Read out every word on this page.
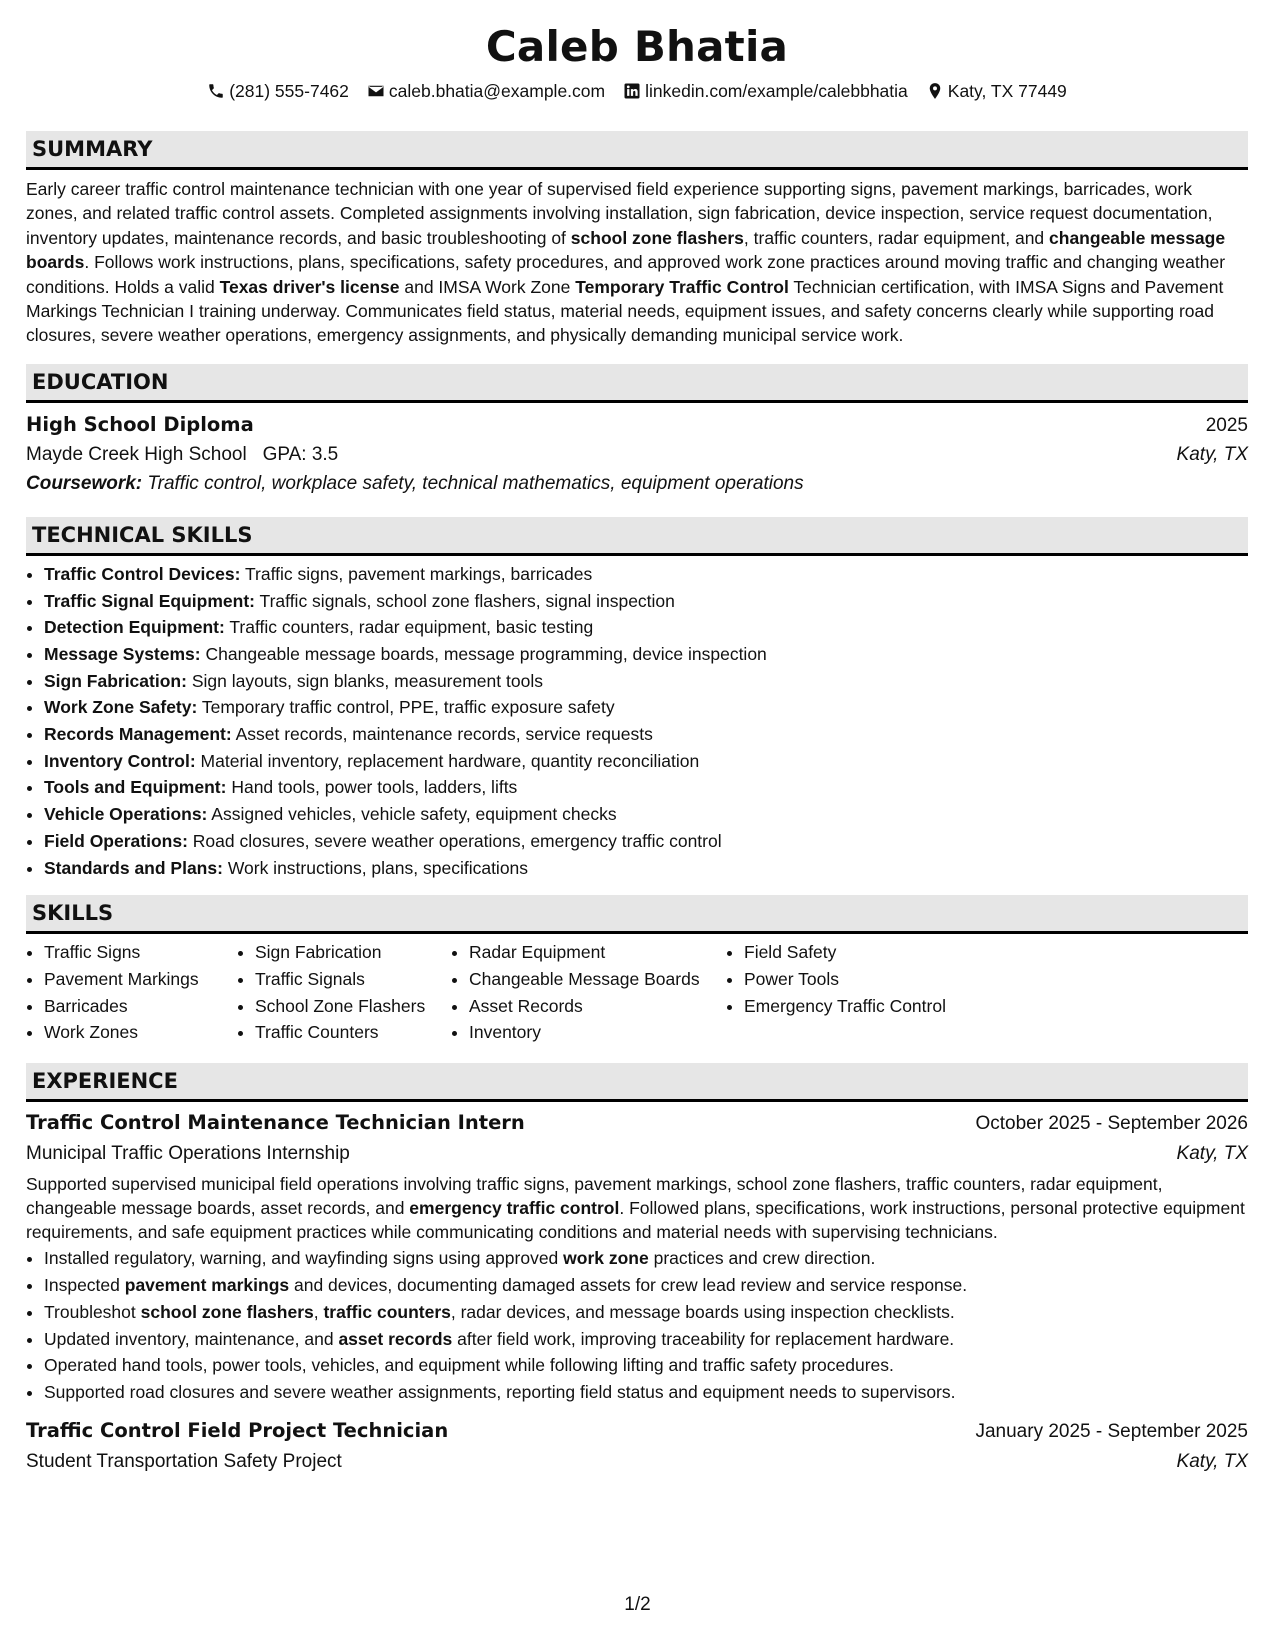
Caleb Bhatia
(281) 555-7462 caleb.bhatia@example.com linkedin.com/example/calebbhatia Katy, TX 77449
SUMMARY

Early career traffic control maintenance technician with one year of supervised field experience supporting signs, pavement markings, barricades, work zones, and related traffic control assets. Completed assignments involving installation, sign fabrication, device inspection, service request documentation, inventory updates, maintenance records, and basic troubleshooting of school zone flashers, traffic counters, radar equipment, and changeable message boards. Follows work instructions, plans, specifications, safety procedures, and approved work zone practices around moving traffic and changing weather conditions. Holds a valid Texas driver's license and IMSA Work Zone Temporary Traffic Control Technician certification, with IMSA Signs and Pavement Markings Technician I training underway. Communicates field status, material needs, equipment issues, and safety concerns clearly while supporting road closures, severe weather operations, emergency assignments, and physically demanding municipal service work.

EDUCATION
High School Diploma	2025
Mayde Creek High School GPA: 3.5	Katy, TX
Coursework: Traffic control, workplace safety, technical mathematics, equipment operations
TECHNICAL SKILLS
• Traffic Control Devices: Traffic signs, pavement markings, barricades
• Traffic Signal Equipment: Traffic signals, school zone flashers, signal inspection
• Detection Equipment: Traffic counters, radar equipment, basic testing
• Message Systems: Changeable message boards, message programming, device inspection
• Sign Fabrication: Sign layouts, sign blanks, measurement tools
• Work Zone Safety: Temporary traffic control, PPE, traffic exposure safety
• Records Management: Asset records, maintenance records, service requests
• Inventory Control: Material inventory, replacement hardware, quantity reconciliation
• Tools and Equipment: Hand tools, power tools, ladders, lifts
• Vehicle Operations: Assigned vehicles, vehicle safety, equipment checks
• Field Operations: Road closures, severe weather operations, emergency traffic control
• Standards and Plans: Work instructions, plans, specifications
SKILLS
• Traffic Signs
• Pavement Markings
• Barricades
• Work Zones
• Sign Fabrication
• Traffic Signals
• School Zone Flashers
• Traffic Counters
• Radar Equipment
• Changeable Message Boards
• Asset Records
• Inventory
• Field Safety
• Power Tools
• Emergency Traffic Control
EXPERIENCE
Traffic Control Maintenance Technician Intern	October 2025 - September 2026
Municipal Traffic Operations Internship	Katy, TX

Supported supervised municipal field operations involving traffic signs, pavement markings, school zone flashers, traffic counters, radar equipment, changeable message boards, asset records, and emergency traffic control. Followed plans, specifications, work instructions, personal protective equipment requirements, and safe equipment practices while communicating conditions and material needs with supervising technicians.

• Installed regulatory, warning, and wayfinding signs using approved work zone practices and crew direction.
• Inspected pavement markings and devices, documenting damaged assets for crew lead review and service response.
• Troubleshot school zone flashers, traffic counters, radar devices, and message boards using inspection checklists.
• Updated inventory, maintenance, and asset records after field work, improving traceability for replacement hardware.
• Operated hand tools, power tools, vehicles, and equipment while following lifting and traffic safety procedures.
• Supported road closures and severe weather assignments, reporting field status and equipment needs to supervisors.
Traffic Control Field Project Technician	January 2025 - September 2025
Student Transportation Safety Project	Katy, TX
1/2
